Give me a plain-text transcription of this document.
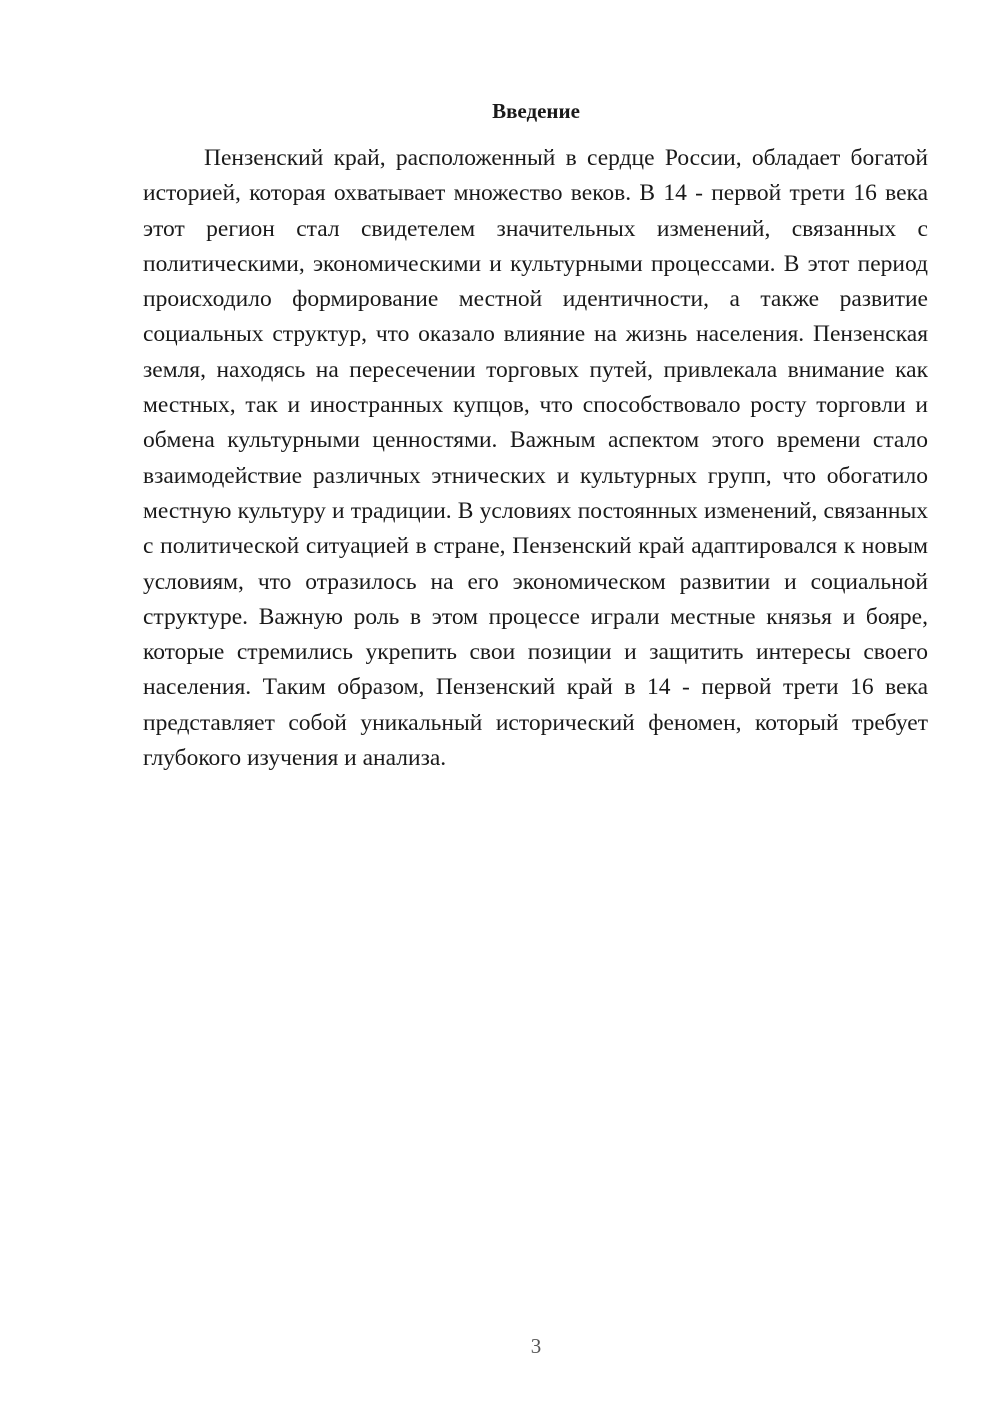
Введение

Пензенский край, расположенный в сердце России, обладает богатой историей, которая охватывает множество веков. В 14 - первой трети 16 века этот регион стал свидетелем значительных изменений, связанных с политическими, экономическими и культурными процессами. В этот период происходило формирование местной идентичности, а также развитие социальных структур, что оказало влияние на жизнь населения. Пензенская земля, находясь на пересечении торговых путей, привлекала внимание как местных, так и иностранных купцов, что способствовало росту торговли и обмена культурными ценностями. Важным аспектом этого времени стало взаимодействие различных этнических и культурных групп, что обогатило местную культуру и традиции. В условиях постоянных изменений, связанных с политической ситуацией в стране, Пензенский край адаптировался к новым условиям, что отразилось на его экономическом развитии и социальной структуре. Важную роль в этом процессе играли местные князья и бояре, которые стремились укрепить свои позиции и защитить интересы своего населения. Таким образом, Пензенский край в 14 - первой трети 16 века представляет собой уникальный исторический феномен, который требует глубокого изучения и анализа.

3
